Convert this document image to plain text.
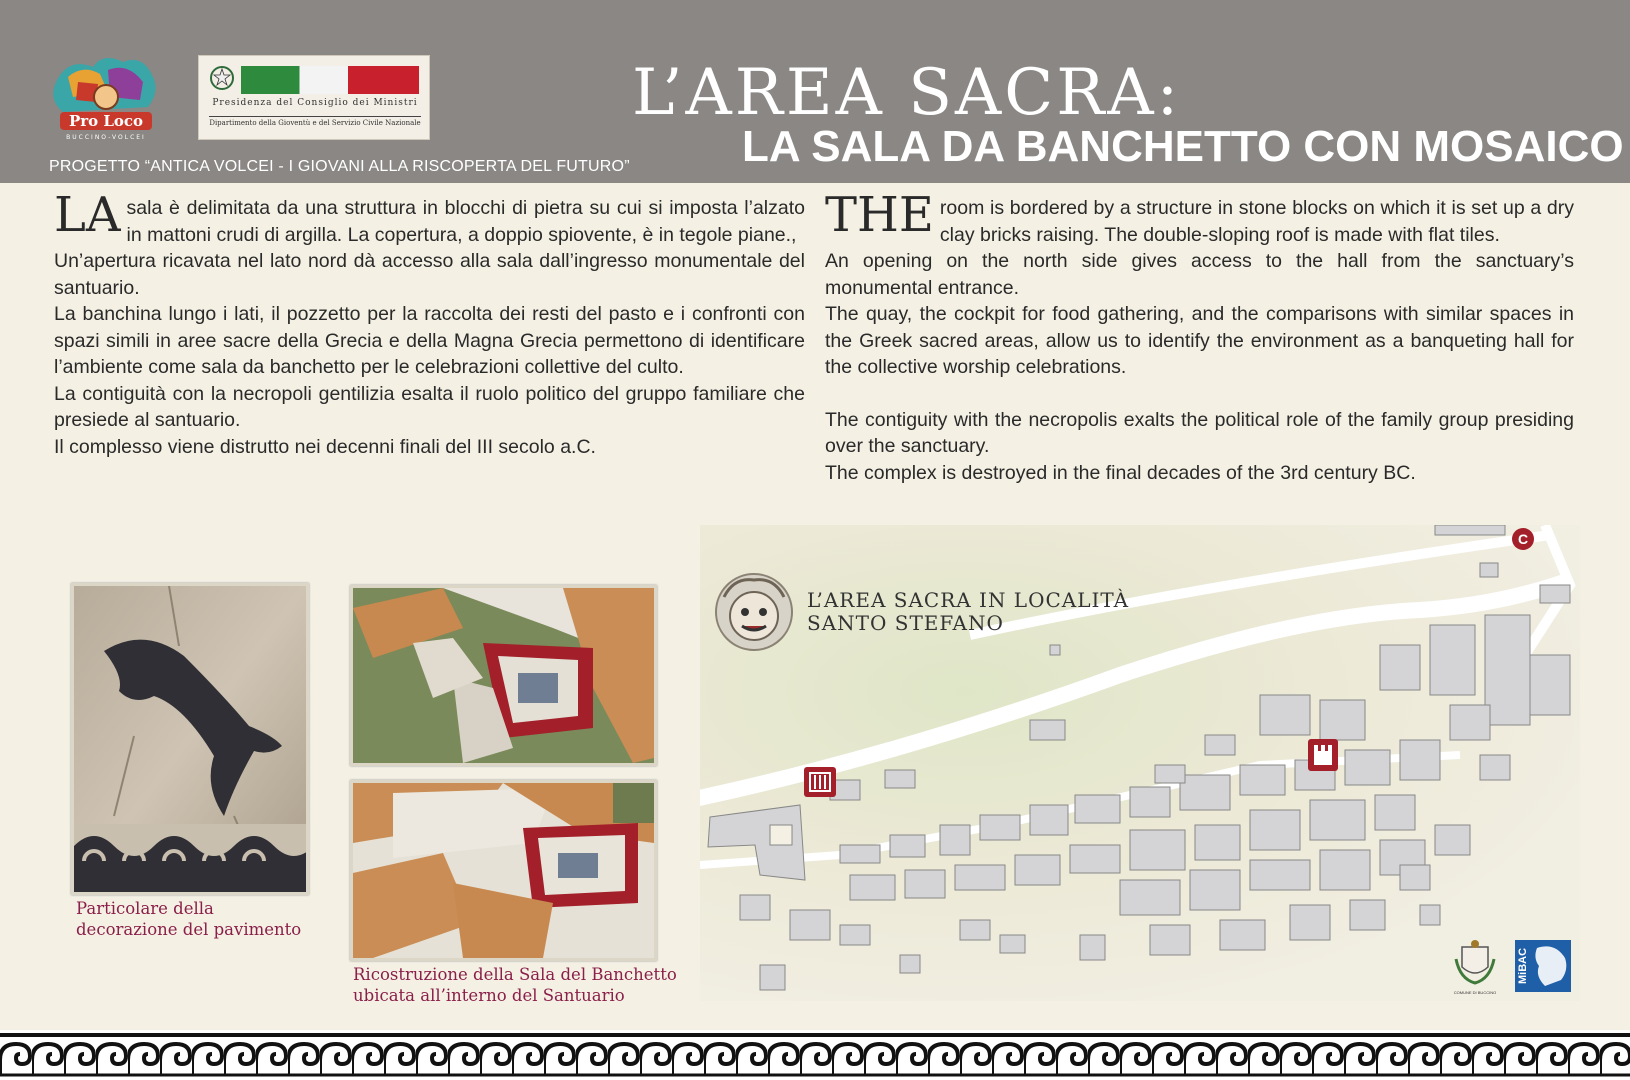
Pro Loco
BUCCINO-VOLCEI
Presidenza del Consiglio dei Ministri
Dipartimento della Gioventù e del Servizio Civile Nazionale
PROGETTO “ANTICA VOLCEI - I GIOVANI ALLA RISCOPERTA DEL FUTURO”
L’AREA SACRA:
LA SALA DA BANCHETTO CON MOSAICO

LA sala è delimitata da una struttura in blocchi di pietra su cui si imposta l’alzato in mattoni crudi di argilla. La copertura, a doppio spiovente, è in tegole piane.,

Un’apertura ricavata nel lato nord dà accesso alla sala dall’ingresso monumentale del santuario.

La banchina lungo i lati, il pozzetto per la raccolta dei resti del pasto e i confronti con spazi simili in aree sacre della Grecia e della Magna Grecia permettono di identificare l’ambiente come sala da banchetto per le celebrazioni collettive del culto.

La contiguità con la necropoli gentilizia esalta il ruolo politico del gruppo familiare che presiede al santuario.

Il complesso viene distrutto nei decenni finali del III secolo a.C.

THE room is bordered by a structure in stone blocks on which it is set up a dry clay bricks raising. The double-sloping roof is made with flat tiles.

An opening on the north side gives access to the hall from the sanctuary’s monumental entrance.

The quay, the cockpit for food gathering, and the comparisons with similar spaces in the Greek sacred areas, allow us to identify the environment as a banqueting hall for the collective worship celebrations.

The contiguity with the necropolis exalts the political role of the family group presiding over the sanctuary.

The complex is destroyed in the final decades of the 3rd century BC.

Particolare della
decorazione del pavimento
Ricostruzione della Sala del Banchetto
ubicata all’interno del Santuario
L’AREA SACRA IN LOCALITÀ
SANTO STEFANO
C
COMUNE DI BUCCINO
MiBAC
